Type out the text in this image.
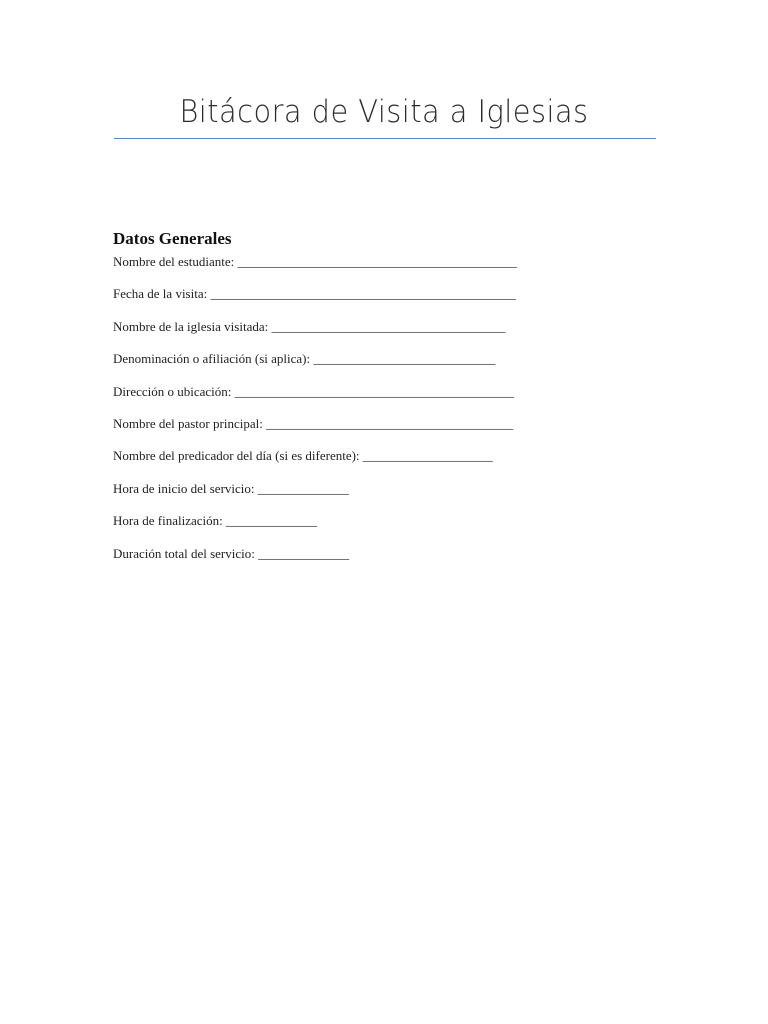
Bitácora de Visita a Iglesias
Datos Generales
Nombre del estudiante: ___________________________________________
Fecha de la visita: _______________________________________________
Nombre de la iglesia visitada: ____________________________________
Denominación o afiliación (si aplica): ____________________________
Dirección o ubicación: ___________________________________________
Nombre del pastor principal: ______________________________________
Nombre del predicador del día (si es diferente): ____________________
Hora de inicio del servicio: ______________
Hora de finalización: ______________
Duración total del servicio: ______________
